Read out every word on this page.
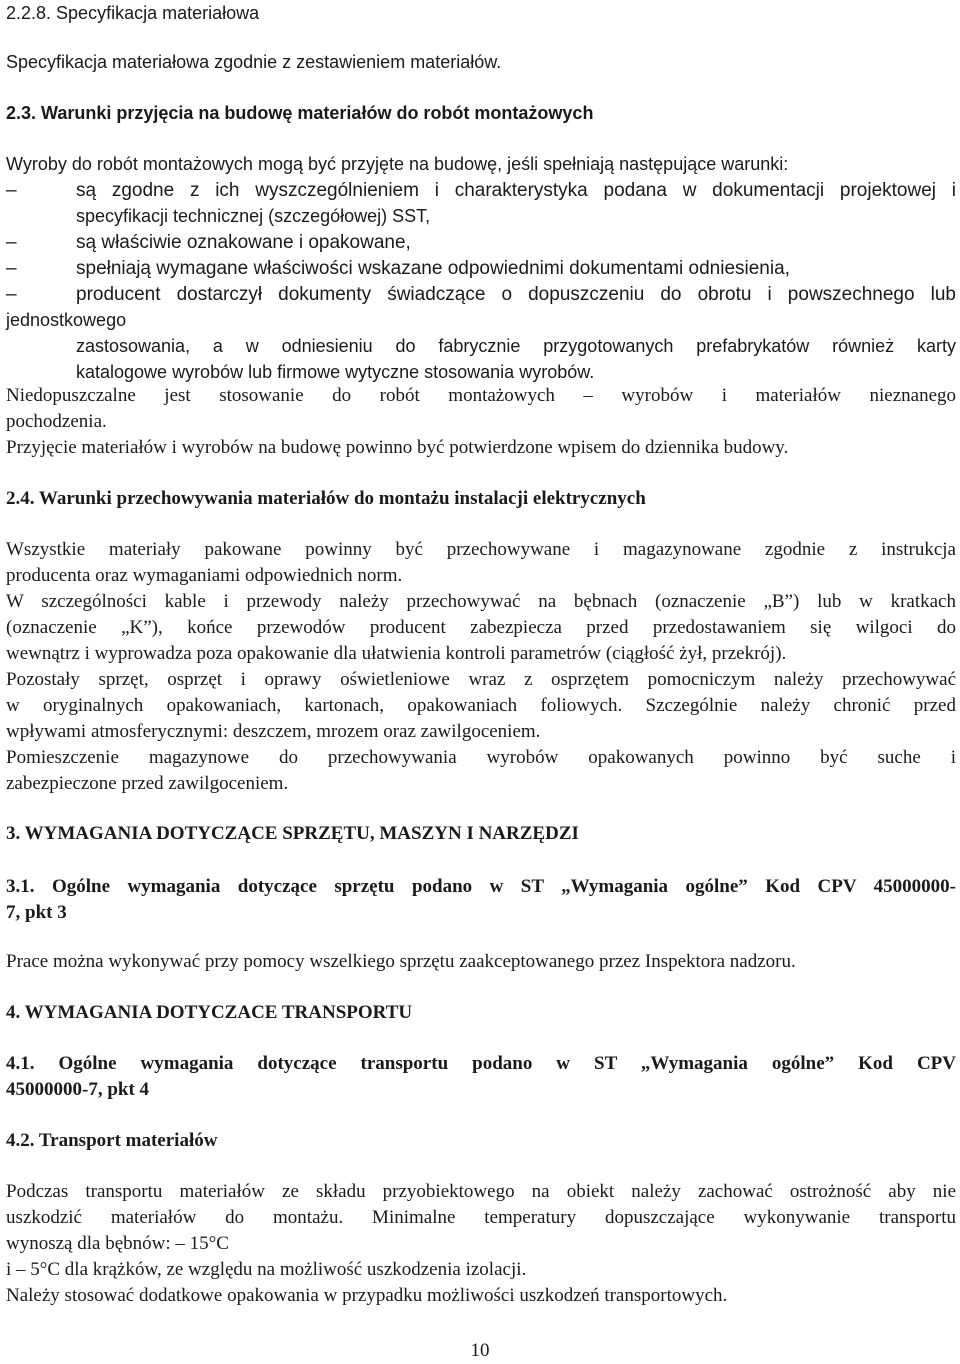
2.2.8. Specyfikacja materiałowa
Specyfikacja materiałowa zgodnie z zestawieniem materiałów.
2.3. Warunki przyjęcia na budowę materiałów do robót montażowych
Wyroby do robót montażowych mogą być przyjęte na budowę, jeśli spełniają następujące warunki:
–	są zgodne z ich wyszczególnieniem i charakterystyka podana w dokumentacji projektowej i
specyfikacji technicznej (szczegółowej) SST,
–	są właściwie oznakowane i opakowane,
–	spełniają wymagane właściwości wskazane odpowiednimi dokumentami odniesienia,
–	producent dostarczył dokumenty świadczące o dopuszczeniu do obrotu i powszechnego lub
jednostkowego
zastosowania, a w odniesieniu do fabrycznie przygotowanych prefabrykatów również karty
katalogowe wyrobów lub firmowe wytyczne stosowania wyrobów.
Niedopuszczalne jest stosowanie do robót montażowych – wyrobów i materiałów nieznanego
pochodzenia.
Przyjęcie materiałów i wyrobów na budowę powinno być potwierdzone wpisem do dziennika budowy.
2.4. Warunki przechowywania materiałów do montażu instalacji elektrycznych
Wszystkie materiały pakowane powinny być przechowywane i magazynowane zgodnie z instrukcja
producenta oraz wymaganiami odpowiednich norm.
W szczególności kable i przewody należy przechowywać na bębnach (oznaczenie „B”) lub w kratkach
(oznaczenie „K”), końce przewodów producent zabezpiecza przed przedostawaniem się wilgoci do
wewnątrz i wyprowadza poza opakowanie dla ułatwienia kontroli parametrów (ciągłość żył, przekrój).
Pozostały sprzęt, osprzęt i oprawy oświetleniowe wraz z osprzętem pomocniczym należy przechowywać
w oryginalnych opakowaniach, kartonach, opakowaniach foliowych. Szczególnie należy chronić przed
wpływami atmosferycznymi: deszczem, mrozem oraz zawilgoceniem.
Pomieszczenie magazynowe do przechowywania wyrobów opakowanych powinno być suche i
zabezpieczone przed zawilgoceniem.
3. WYMAGANIA DOTYCZĄCE SPRZĘTU, MASZYN I NARZĘDZI
3.1. Ogólne wymagania dotyczące sprzętu podano w ST „Wymagania ogólne” Kod CPV 45000000-
7, pkt 3
Prace można wykonywać przy pomocy wszelkiego sprzętu zaakceptowanego przez Inspektora nadzoru.
4. WYMAGANIA DOTYCZACE TRANSPORTU
4.1. Ogólne wymagania dotyczące transportu podano w ST „Wymagania ogólne” Kod CPV
45000000-7, pkt 4
4.2. Transport materiałów
Podczas transportu materiałów ze składu przyobiektowego na obiekt należy zachować ostrożność aby nie
uszkodzić materiałów do montażu. Minimalne temperatury dopuszczające wykonywanie transportu
wynoszą dla bębnów: – 15°C
i – 5°C dla krążków, ze względu na możliwość uszkodzenia izolacji.
Należy stosować dodatkowe opakowania w przypadku możliwości uszkodzeń transportowych.
10
